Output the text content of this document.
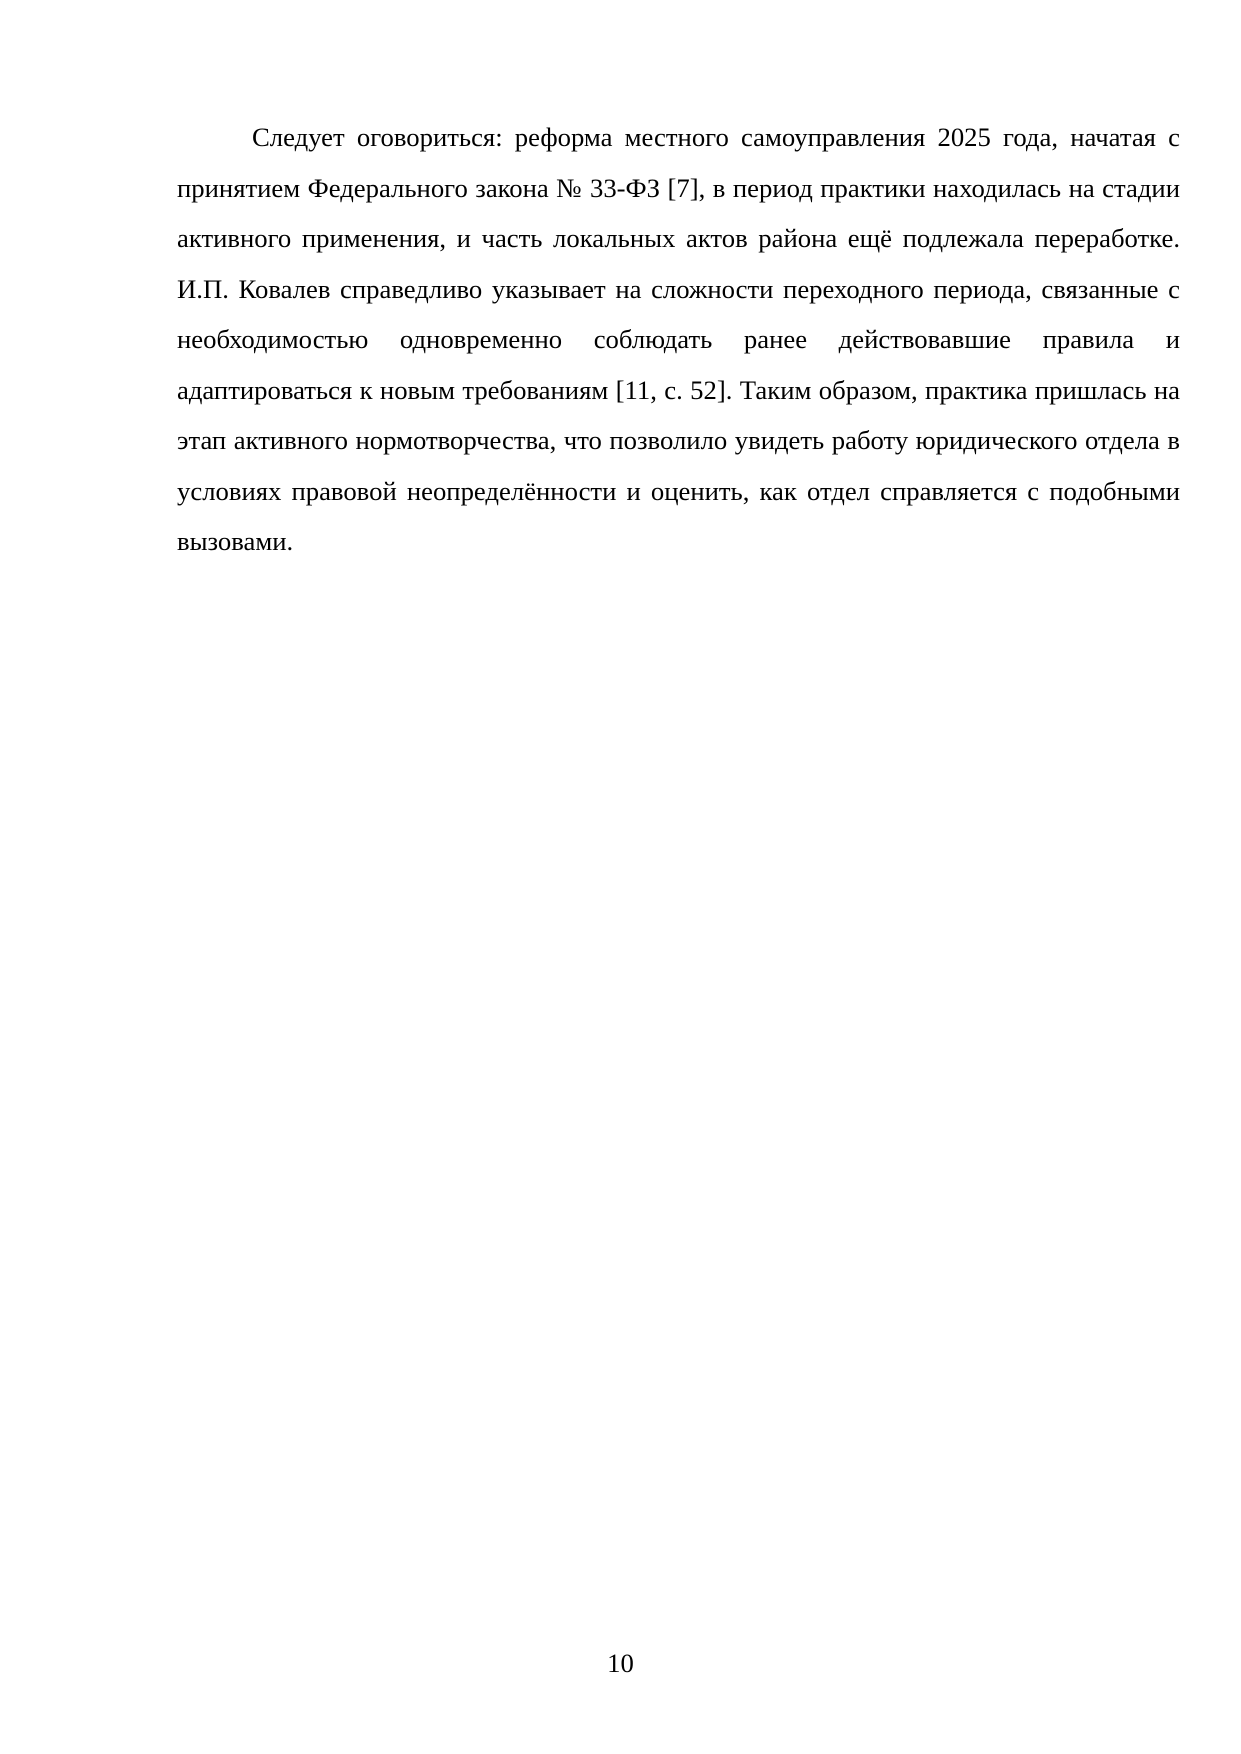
Следует оговориться: реформа местного самоуправления 2025 года, начатая с принятием Федерального закона № 33-ФЗ [7], в период практики находилась на стадии активного применения, и часть локальных актов района ещё подлежала переработке. И.П. Ковалев справедливо указывает на сложности переходного периода, связанные с необходимостью одновременно соблюдать ранее действовавшие правила и адаптироваться к новым требованиям [11, с. 52]. Таким образом, практика пришлась на этап активного нормотворчества, что позволило увидеть работу юридического отдела в условиях правовой неопределённости и оценить, как отдел справляется с подобными вызовами.

10
